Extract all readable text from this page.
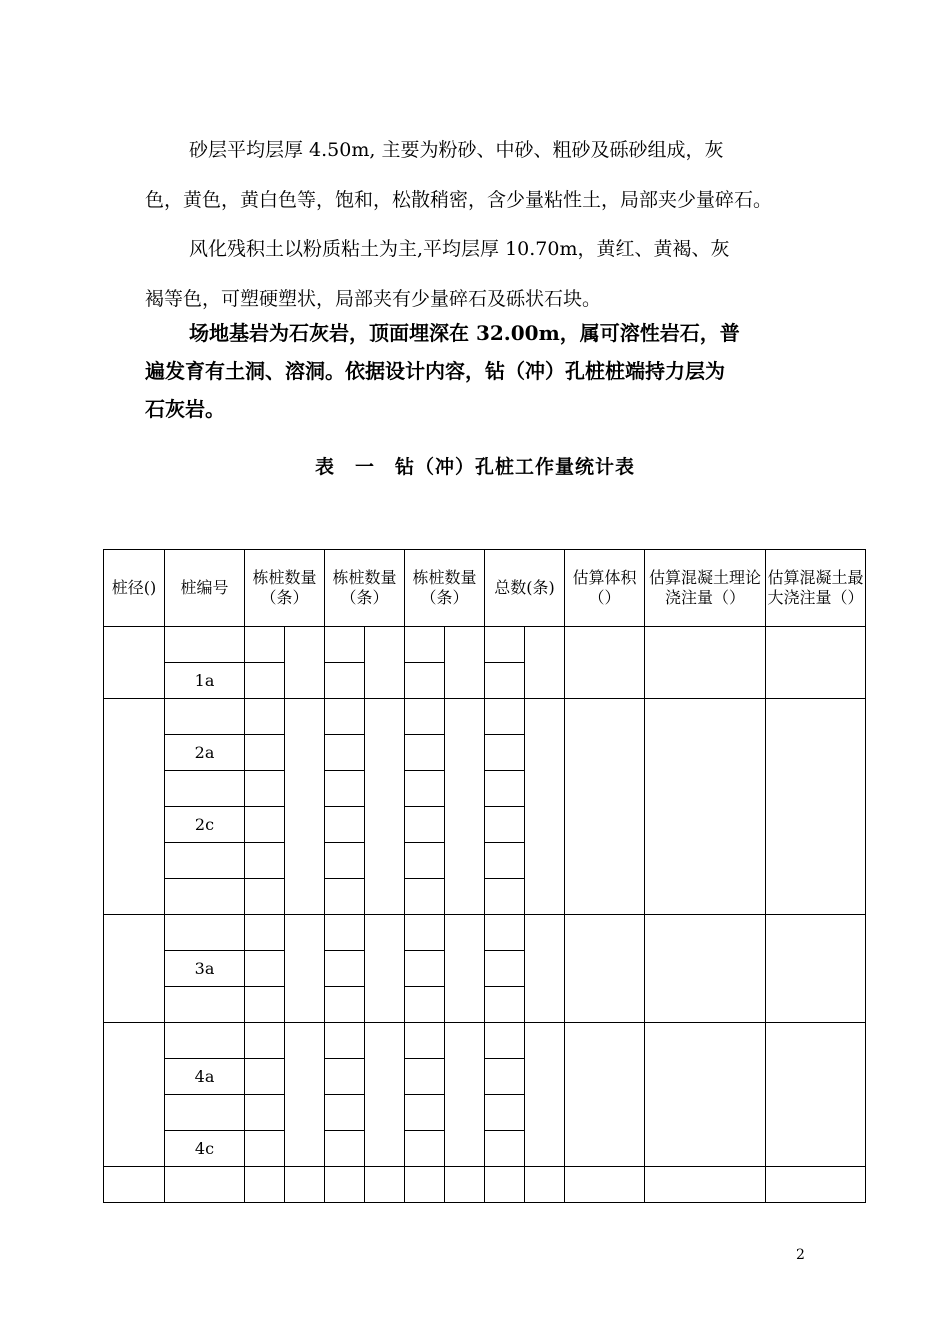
砂层平均层厚 4.50m, 主要为粉砂、中砂、粗砂及砾砂组成，灰

色，黄色，黄白色等，饱和，松散稍密，含少量粘性土，局部夹少量碎石。

风化残积土以粉质粘土为主,平均层厚 10.70m，黄红、黄褐、灰

褐等色，可塑硬塑状，局部夹有少量碎石及砾状石块。

场地基岩为石灰岩，顶面埋深在 32.00m，属可溶性岩石，普

遍发育有土洞、溶洞。依据设计内容，钻（冲）孔桩桩端持力层为

石灰岩。

表　一　钻（冲）孔桩工作量统计表

桩径()	桩编号	栋桩数量（条）		栋桩数量（条）		栋桩数量（条）		总数(条)		估算体积（）	估算混凝土理论浇注量（）	估算混凝土最大浇注量（）

	1a											

	2a											

	2c											

	3a											

	4a											

	4c											

2
